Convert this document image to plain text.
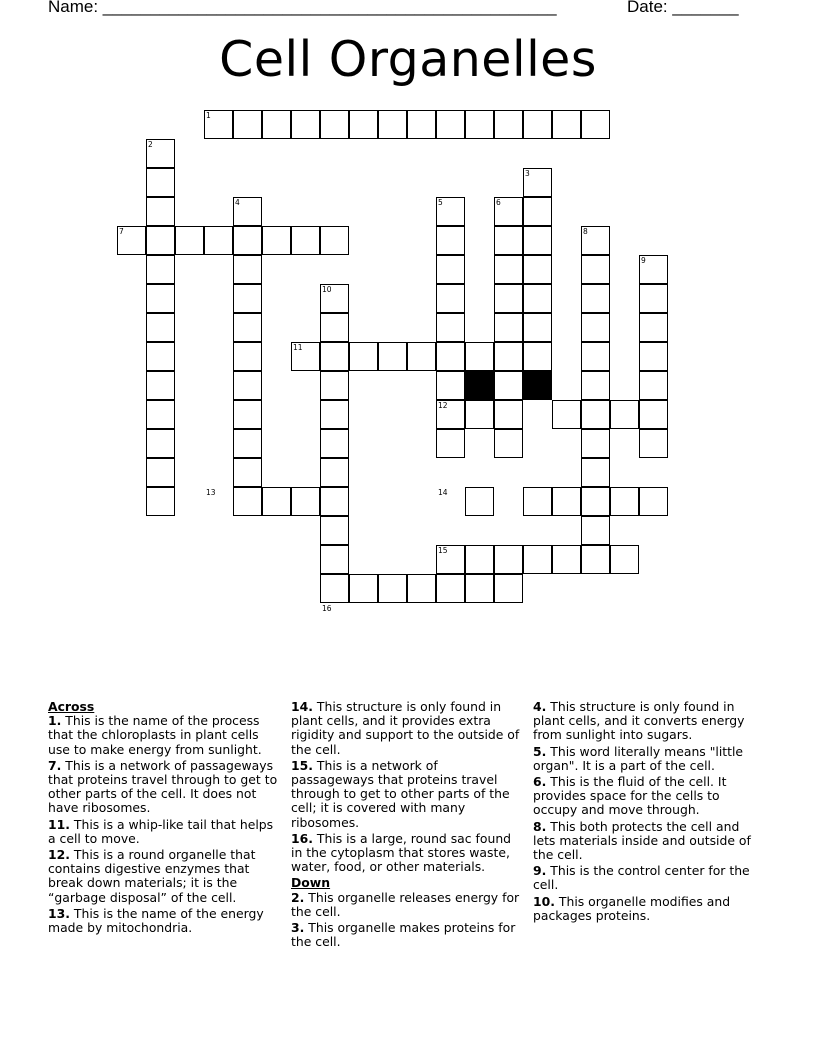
Name: ________________________________________________	Date: _______
Cell Organelles
1
2
3
4	5	6
7	8
9
10
11
12
13	14
15
16
Across
1. This is the name of the process that the chloroplasts in plant cells use to make energy from sunlight.
7. This is a network of passageways that proteins travel through to get to other parts of the cell. It does not have ribosomes.
11. This is a whip-like tail that helps a cell to move.
12. This is a round organelle that contains digestive enzymes that break down materials; it is the “garbage disposal” of the cell.
13. This is the name of the energy made by mitochondria.
14. This structure is only found in plant cells, and it provides extra rigidity and support to the outside of the cell.
15. This is a network of passageways that proteins travel through to get to other parts of the cell; it is covered with many ribosomes.
16. This is a large, round sac found in the cytoplasm that stores waste, water, food, or other materials.
Down
2. This organelle releases energy for the cell.
3. This organelle makes proteins for the cell.
4. This structure is only found in plant cells, and it converts energy from sunlight into sugars.
5. This word literally means "little organ". It is a part of the cell.
6. This is the fluid of the cell. It provides space for the cells to occupy and move through.
8. This both protects the cell and lets materials inside and outside of the cell.
9. This is the control center for the cell.
10. This organelle modifies and packages proteins.
